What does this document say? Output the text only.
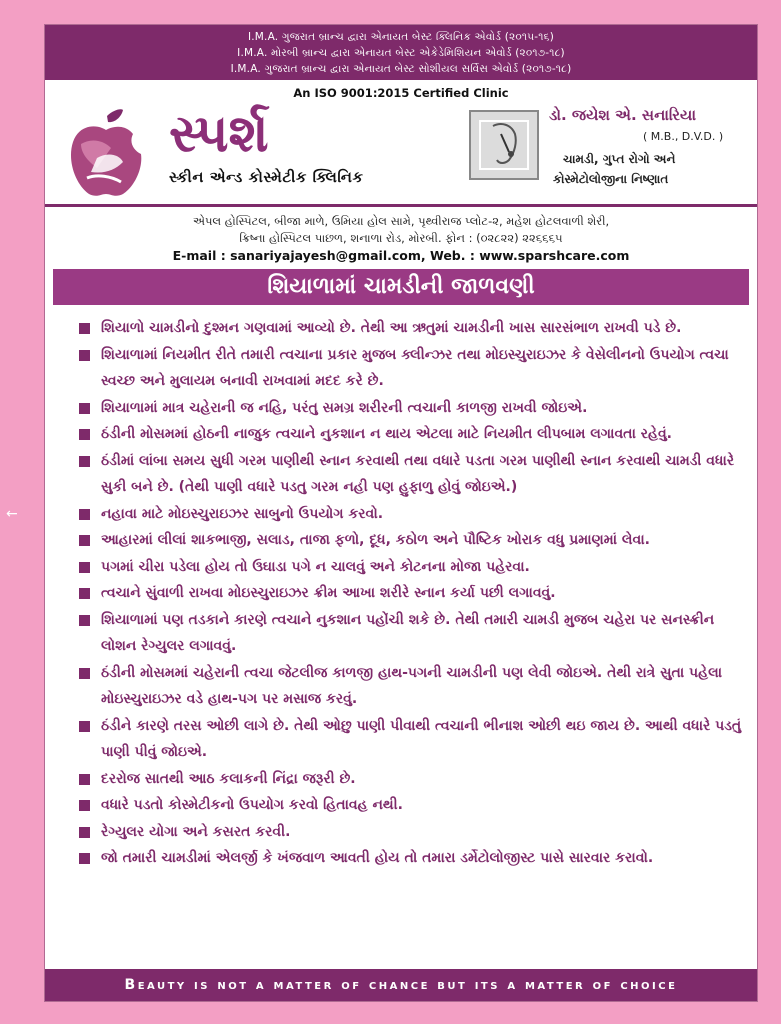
←
I.M.A. ગુજરાત બ્રાન્ચ દ્વારા એનાયત બેસ્ટ ક્લિનિક એવોર્ડ (૨૦૧૫-૧૬)
I.M.A. મોરબી બ્રાન્ચ દ્વારા એનાયત બેસ્ટ એકેડેમિશિયન એવોર્ડ (૨૦૧૭-૧૮)
I.M.A. ગુજરાત બ્રાન્ચ દ્વારા એનાયત બેસ્ટ સોશીયલ સર્વિસ એવોર્ડ (૨૦૧૭-૧૮)
An ISO 9001:2015 Certified Clinic
સ્પર્શ
સ્કીન એન્ડ કોસ્મેટીક ક્લિનિક
ડો. જયેશ એ. સનારિયા
( M.B., D.V.D. )
ચામડી, ગુપ્ત રોગો અને
કોસ્મેટોલોજીના નિષ્ણાત
એપલ હોસ્પિટલ, બીજા માળે, ઉમિયા હોલ સામે, પૃથ્વીરાજ પ્લોટ-૨, મહેશ હોટલવાળી શેરી,
ક્રિષ્ના હોસ્પિટલ પાછળ, શનાળા રોડ, મોરબી. ફોન : (૦૨૮૨૨) ૨૨૬૬૬૫
E-mail : sanariyajayesh@gmail.com, Web. : www.sparshcare.com
શિયાળામાં ચામડીની જાળવણી
શિયાળો ચામડીનો દુશ્મન ગણવામાં આવ્યો છે. તેથી આ ઋતુમાં ચામડીની ખાસ સારસંભાળ રાખવી પડે છે.
શિયાળામાં નિયમીત રીતે તમારી ત્વચાના પ્રકાર મુજબ ક્લીન્ઝર તથા મોઇસ્ચુરાઇઝર કે વેસેલીનનો ઉપયોગ ત્વચા સ્વચ્છ અને મુલાયમ બનાવી રાખવામાં મદદ કરે છે.
શિયાળામાં માત્ર ચહેરાની જ નહિ, પરંતુ સમગ્ર શરીરની ત્વચાની કાળજી રાખવી જોઇએ.
ઠંડીની મોસમમાં હોઠની નાજુક ત્વચાને નુકશાન ન થાય એટલા માટે નિયમીત લીપબામ લગાવતા રહેવું.
ઠંડીમાં લાંબા સમય સુધી ગરમ પાણીથી સ્નાન કરવાથી તથા વધારે પડતા ગરમ પાણીથી સ્નાન કરવાથી ચામડી વધારે સુકી બને છે. (તેથી પાણી વધારે પડતુ ગરમ નહી પણ હુફાળુ હોવું જોઇએ.)
નહાવા માટે મોઇસ્ચુરાઇઝર સાબુનો ઉપયોગ કરવો.
આહારમાં લીલાં શાકભાજી, સલાડ, તાજા ફળો, દૂધ, કઠોળ અને પૌષ્ટિક ખોરાક વધુ પ્રમાણમાં લેવા.
પગમાં ચીરા પડેલા હોય તો ઉઘાડા પગે ન ચાલવું અને કોટનના મોજા પહેરવા.
ત્વચાને સુંવાળી રાખવા મોઇસ્ચુરાઇઝર ક્રીમ આખા શરીરે સ્નાન કર્યા પછી લગાવવું.
શિયાળામાં પણ તડકાને કારણે ત્વચાને નુકશાન પહોંચી શકે છે. તેથી તમારી ચામડી મુજબ ચહેરા પર સનસ્ક્રીન લોશન રેગ્યુલર લગાવવું.
ઠંડીની મોસમમાં ચહેરાની ત્વચા જેટલીજ કાળજી હાથ-પગની ચામડીની પણ લેવી જોઇએ. તેથી રાત્રે સુતા પહેલા મોઇસ્ચુરાઇઝર વડે હાથ-પગ પર મસાજ કરવું.
ઠંડીને કારણે તરસ ઓછી લાગે છે. તેથી ઓછુ પાણી પીવાથી ત્વચાની ભીનાશ ઓછી થઇ જાય છે. આથી વધારે પડતું પાણી પીવું જોઇએ.
દરરોજ સાતથી આઠ કલાકની નિંદ્રા જરૂરી છે.
વધારે પડતો કોસ્મેટીકનો ઉપયોગ કરવો હિતાવહ નથી.
રેગ્યુલર યોગા અને કસરત કરવી.
જો તમારી ચામડીમાં એલર્જી કે ખંજવાળ આવતી હોય તો તમારા ડર્મેટોલોજીસ્ટ પાસે સારવાર કરાવો.
Beauty is not a matter of chance but its a matter of choice
